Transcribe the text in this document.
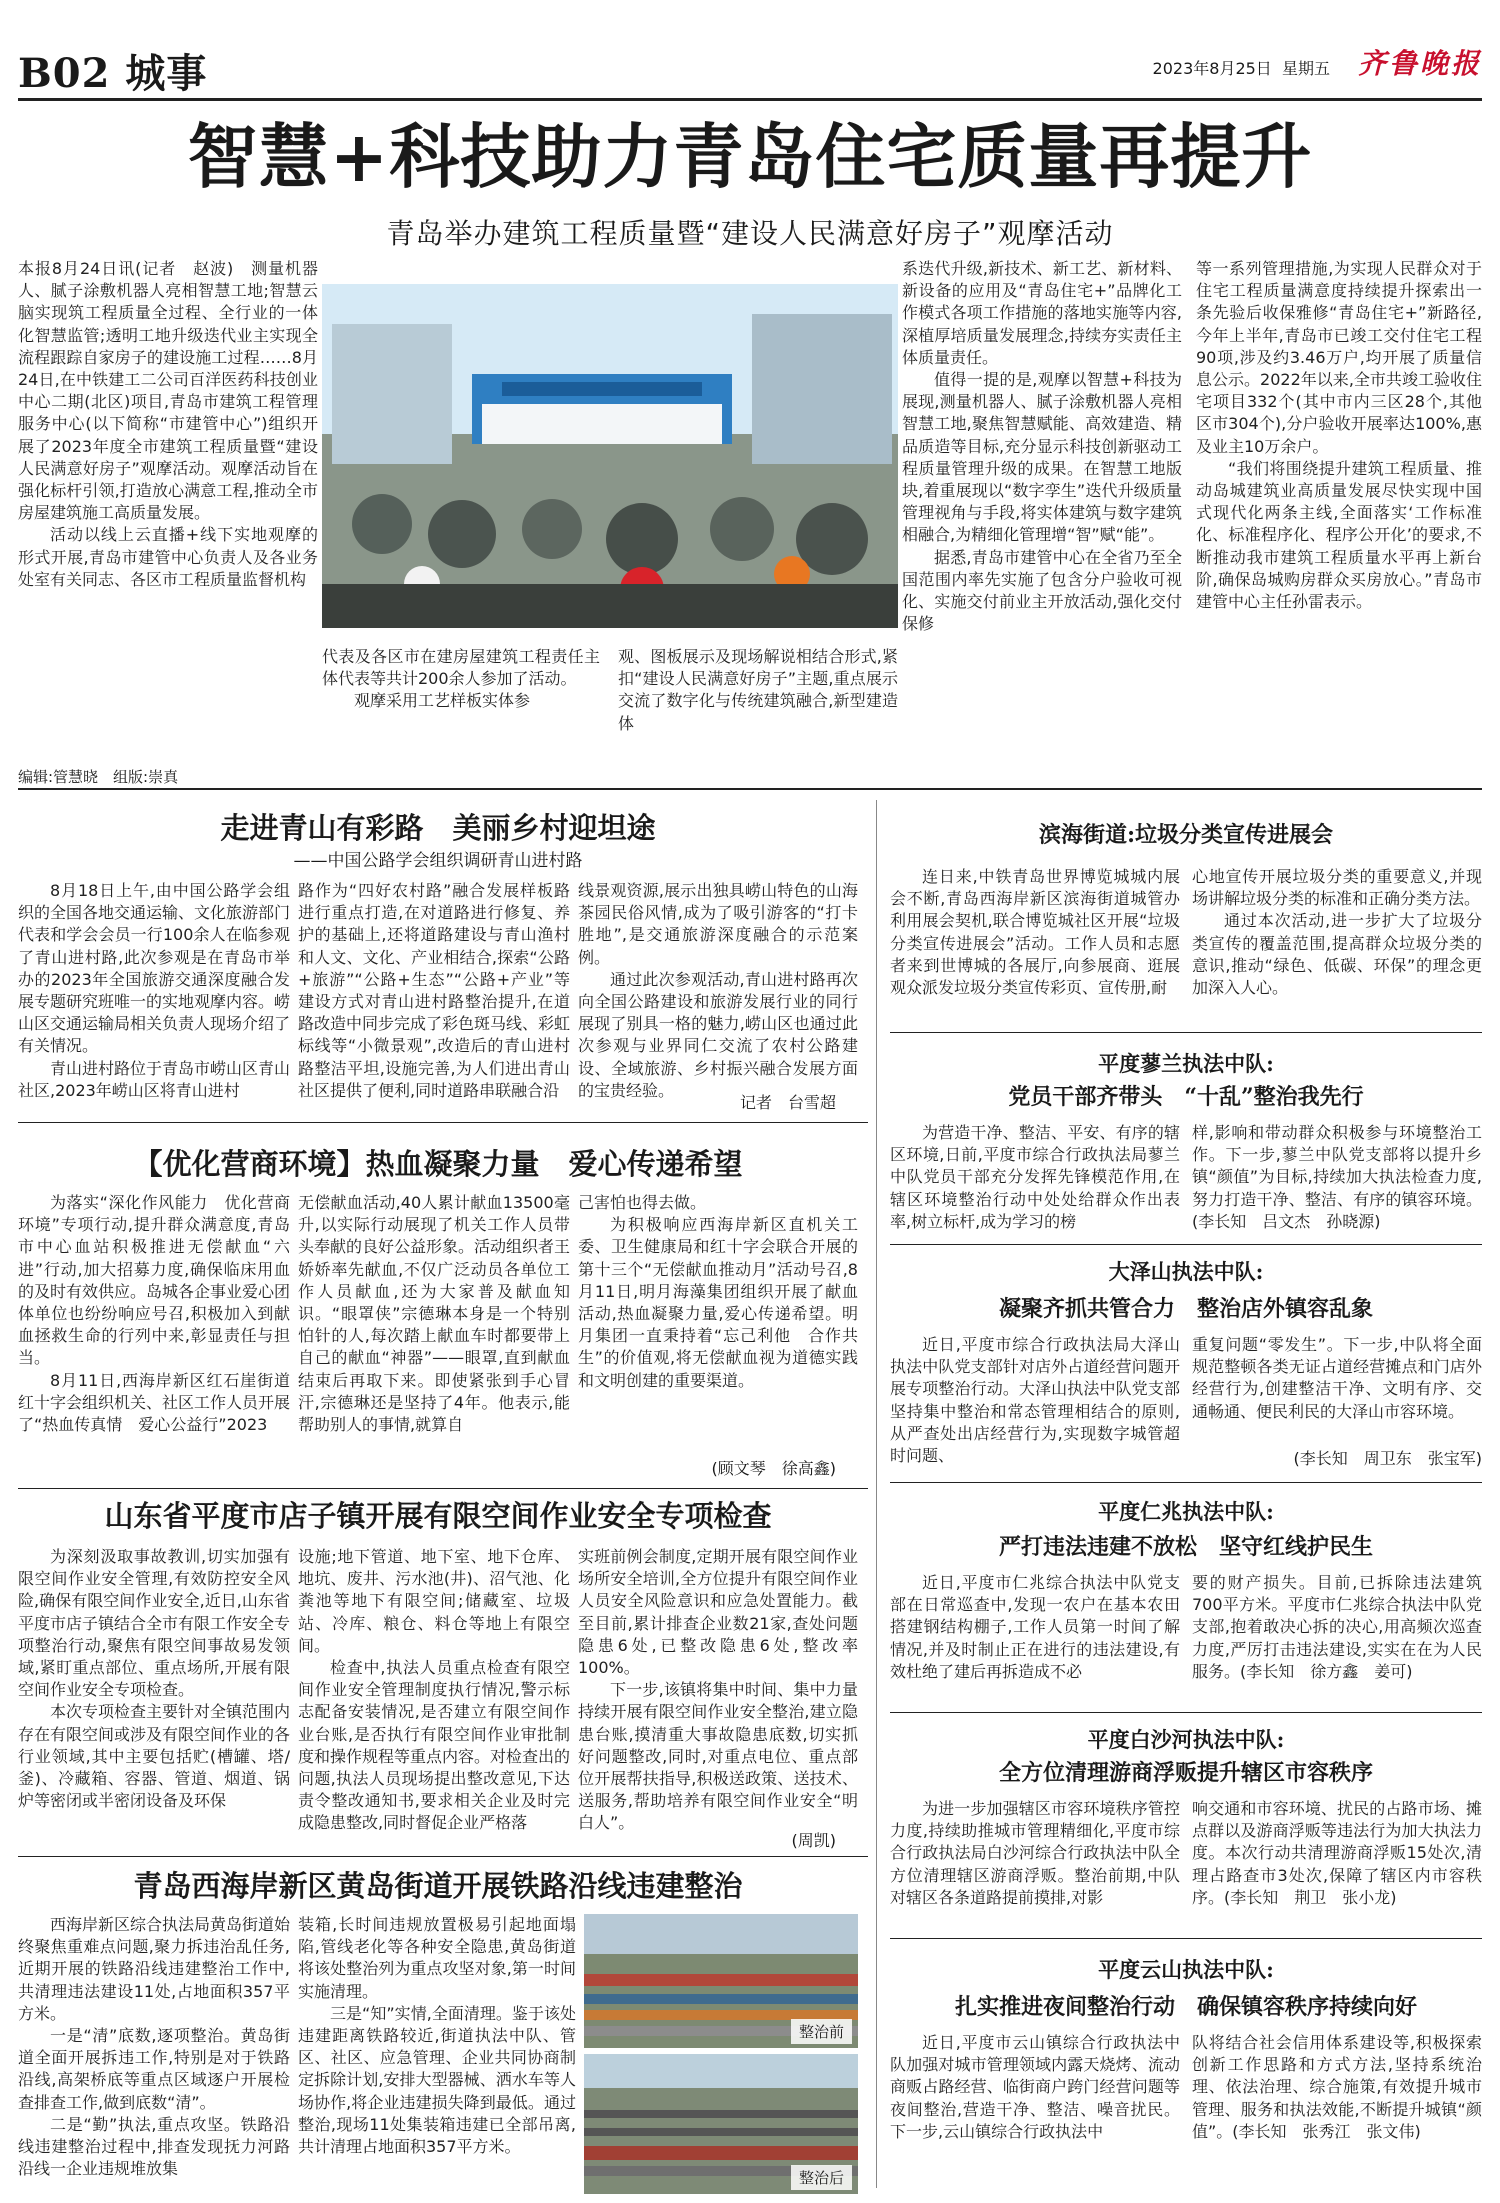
B02 城事	2023年8月25日 星期五 齐鲁晚报
智慧+科技助力青岛住宅质量再提升
青岛举办建筑工程质量暨“建设人民满意好房子”观摩活动

本报8月24日讯(记者　赵波)　测量机器人、腻子涂敷机器人亮相智慧工地;智慧云脑实现筑工程质量全过程、全行业的一体化智慧监管;透明工地升级迭代业主实现全流程跟踪自家房子的建设施工过程……8月24日,在中铁建工二公司百洋医药科技创业中心二期(北区)项目,青岛市建筑工程管理服务中心(以下简称“市建管中心”)组织开展了2023年度全市建筑工程质量暨“建设人民满意好房子”观摩活动。观摩活动旨在强化标杆引领,打造放心满意工程,推动全市房屋建筑施工高质量发展。

活动以线上云直播+线下实地观摩的形式开展,青岛市建管中心负责人及各业务处室有关同志、各区市工程质量监督机构

代表及各区市在建房屋建筑工程责任主体代表等共计200余人参加了活动。

观摩采用工艺样板实体参

观、图板展示及现场解说相结合形式,紧扣“建设人民满意好房子”主题,重点展示交流了数字化与传统建筑融合,新型建造体

系迭代升级,新技术、新工艺、新材料、新设备的应用及“青岛住宅+”品牌化工作模式各项工作措施的落地实施等内容,深植厚培质量发展理念,持续夯实责任主体质量责任。

值得一提的是,观摩以智慧+科技为展现,测量机器人、腻子涂敷机器人亮相智慧工地,聚焦智慧赋能、高效建造、精品质造等目标,充分显示科技创新驱动工程质量管理升级的成果。在智慧工地版块,着重展现以“数字孪生”迭代升级质量管理视角与手段,将实体建筑与数字建筑相融合,为精细化管理增“智”赋“能”。

据悉,青岛市建管中心在全省乃至全国范围内率先实施了包含分户验收可视化、实施交付前业主开放活动,强化交付保修

等一系列管理措施,为实现人民群众对于住宅工程质量满意度持续提升探索出一条先验后收保雅修“青岛住宅+”新路径,今年上半年,青岛市已竣工交付住宅工程90项,涉及约3.46万户,均开展了质量信息公示。2022年以来,全市共竣工验收住宅项目332个(其中市内三区28个,其他区市304个),分户验收开展率达100%,惠及业主10万余户。

“我们将围绕提升建筑工程质量、推动岛城建筑业高质量发展尽快实现中国式现代化两条主线,全面落实‘工作标准化、标准程序化、程序公开化’的要求,不断推动我市建筑工程质量水平再上新台阶,确保岛城购房群众买房放心。”青岛市建管中心主任孙雷表示。

编辑:管慧晓　组版:崇真
走进青山有彩路　美丽乡村迎坦途
——中国公路学会组织调研青山进村路

8月18日上午,由中国公路学会组织的全国各地交通运输、文化旅游部门代表和学会会员一行100余人在临参观了青山进村路,此次参观是在青岛市举办的2023年全国旅游交通深度融合发展专题研究班唯一的实地观摩内容。崂山区交通运输局相关负责人现场介绍了有关情况。

青山进村路位于青岛市崂山区青山社区,2023年崂山区将青山进村

路作为“四好农村路”融合发展样板路进行重点打造,在对道路进行修复、养护的基础上,还将道路建设与青山渔村和人文、文化、产业相结合,探索“公路+旅游”“公路+生态”“公路+产业”等建设方式对青山进村路整治提升,在道路改造中同步完成了彩色斑马线、彩虹标线等“小微景观”,改造后的青山进村路整洁平坦,设施完善,为人们进出青山社区提供了便利,同时道路串联融合沿

线景观资源,展示出独具崂山特色的山海茶园民俗风情,成为了吸引游客的“打卡胜地”,是交通旅游深度融合的示范案例。

通过此次参观活动,青山进村路再次向全国公路建设和旅游发展行业的同行展现了别具一格的魅力,崂山区也通过此次参观与业界同仁交流了农村公路建设、全域旅游、乡村振兴融合发展方面的宝贵经验。

记者　台雪超
【优化营商环境】热血凝聚力量　爱心传递希望

为落实“深化作风能力　优化营商环境”专项行动,提升群众满意度,青岛市中心血站积极推进无偿献血“六进”行动,加大招募力度,确保临床用血的及时有效供应。岛城各企事业爱心团体单位也纷纷响应号召,积极加入到献血拯救生命的行列中来,彰显责任与担当。

8月11日,西海岸新区红石崖街道红十字会组织机关、社区工作人员开展了“热血传真情　爱心公益行”2023

无偿献血活动,40人累计献血13500毫升,以实际行动展现了机关工作人员带头奉献的良好公益形象。活动组织者王娇娇率先献血,不仅广泛动员各单位工作人员献血,还为大家普及献血知识。“眼罩侠”宗德琳本身是一个特别怕针的人,每次踏上献血车时都要带上自己的献血“神器”——眼罩,直到献血结束后再取下来。即使紧张到手心冒汗,宗德琳还是坚持了4年。他表示,能帮助别人的事情,就算自

己害怕也得去做。

为积极响应西海岸新区直机关工委、卫生健康局和红十字会联合开展的第十三个“无偿献血推动月”活动号召,8月11日,明月海藻集团组织开展了献血活动,热血凝聚力量,爱心传递希望。明月集团一直秉持着“忘己利他　合作共生”的价值观,将无偿献血视为道德实践和文明创建的重要渠道。

(顾文琴　徐高鑫)
山东省平度市店子镇开展有限空间作业安全专项检查

为深刻汲取事故教训,切实加强有限空间作业安全管理,有效防控安全风险,确保有限空间作业安全,近日,山东省平度市店子镇结合全市有限工作安全专项整治行动,聚焦有限空间事故易发领域,紧盯重点部位、重点场所,开展有限空间作业安全专项检查。

本次专项检查主要针对全镇范围内存在有限空间或涉及有限空间作业的各行业领域,其中主要包括贮(槽罐、塔/釜)、冷藏箱、容器、管道、烟道、锅炉等密闭或半密闭设备及环保

设施;地下管道、地下室、地下仓库、地坑、废井、污水池(井)、沼气池、化粪池等地下有限空间;储藏室、垃圾站、冷库、粮仓、料仓等地上有限空间。

检查中,执法人员重点检查有限空间作业安全管理制度执行情况,警示标志配备安装情况,是否建立有限空间作业台账,是否执行有限空间作业审批制度和操作规程等重点内容。对检查出的问题,执法人员现场提出整改意见,下达责令整改通知书,要求相关企业及时完成隐患整改,同时督促企业严格落

实班前例会制度,定期开展有限空间作业场所安全培训,全方位提升有限空间作业人员安全风险意识和应急处置能力。截至目前,累计排查企业数21家,查处问题隐患6处,已整改隐患6处,整改率100%。

下一步,该镇将集中时间、集中力量持续开展有限空间作业安全整治,建立隐患台账,摸清重大事故隐患底数,切实抓好问题整改,同时,对重点电位、重点部位开展帮扶指导,积极送政策、送技术、送服务,帮助培养有限空间作业安全“明白人”。

(周凯)
青岛西海岸新区黄岛街道开展铁路沿线违建整治

西海岸新区综合执法局黄岛街道始终聚焦重难点问题,聚力拆违治乱任务,近期开展的铁路沿线违建整治工作中,共清理违法建设11处,占地面积357平方米。

一是“清”底数,逐项整治。黄岛街道全面开展拆违工作,特别是对于铁路沿线,高架桥底等重点区域逐户开展检查排查工作,做到底数“清”。

二是“勤”执法,重点攻坚。铁路沿线违建整治过程中,排查发现抚力河路沿线一企业违规堆放集

装箱,长时间违规放置极易引起地面塌陷,管线老化等各种安全隐患,黄岛街道将该处整治列为重点攻坚对象,第一时间实施清理。

三是“知”实情,全面清理。鉴于该处违建距离铁路较近,街道执法中队、管区、社区、应急管理、企业共同协商制定拆除计划,安排大型器械、洒水车等人场协作,将企业违建损失降到最低。通过整治,现场11处集装箱违建已全部吊离,共计清理占地面积357平方米。

整治前
整治后
滨海街道:垃圾分类宣传进展会

连日来,中铁青岛世界博览城城内展会不断,青岛西海岸新区滨海街道城管办利用展会契机,联合博览城社区开展“垃圾分类宣传进展会”活动。工作人员和志愿者来到世博城的各展厅,向参展商、逛展观众派发垃圾分类宣传彩页、宣传册,耐

心地宣传开展垃圾分类的重要意义,并现场讲解垃圾分类的标准和正确分类方法。

通过本次活动,进一步扩大了垃圾分类宣传的覆盖范围,提高群众垃圾分类的意识,推动“绿色、低碳、环保”的理念更加深入人心。

平度蓼兰执法中队:
党员干部齐带头　“十乱”整治我先行

为营造干净、整洁、平安、有序的辖区环境,日前,平度市综合行政执法局蓼兰中队党员干部充分发挥先锋模范作用,在辖区环境整治行动中处处给群众作出表率,树立标杆,成为学习的榜

样,影响和带动群众积极参与环境整治工作。下一步,蓼兰中队党支部将以提升乡镇“颜值”为目标,持续加大执法检查力度,努力打造干净、整洁、有序的镇容环境。(李长知　吕文杰　孙晓源)

大泽山执法中队:
凝聚齐抓共管合力　整治店外镇容乱象

近日,平度市综合行政执法局大泽山执法中队党支部针对店外占道经营问题开展专项整治行动。大泽山执法中队党支部坚持集中整治和常态管理相结合的原则,从严查处出店经营行为,实现数字城管超时问题、

重复问题“零发生”。下一步,中队将全面规范整顿各类无证占道经营摊点和门店外经营行为,创建整洁干净、文明有序、交通畅通、便民利民的大泽山市容环境。

(李长知　周卫东　张宝军)
平度仁兆执法中队:
严打违法违建不放松　坚守红线护民生

近日,平度市仁兆综合执法中队党支部在日常巡查中,发现一农户在基本农田搭建钢结构棚子,工作人员第一时间了解情况,并及时制止正在进行的违法建设,有效杜绝了建后再拆造成不必

要的财产损失。目前,已拆除违法建筑700平方米。平度市仁兆综合执法中队党支部,抱着敢决心拆的决心,用高频次巡查力度,严厉打击违法建设,实实在在为人民服务。(李长知　徐方鑫　姜可)

平度白沙河执法中队:
全方位清理游商浮贩提升辖区市容秩序

为进一步加强辖区市容环境秩序管控力度,持续助推城市管理精细化,平度市综合行政执法局白沙河综合行政执法中队全方位清理辖区游商浮贩。整治前期,中队对辖区各条道路提前摸排,对影

响交通和市容环境、扰民的占路市场、摊点群以及游商浮贩等违法行为加大执法力度。本次行动共清理游商浮贩15处次,清理占路查市3处次,保障了辖区内市容秩序。(李长知　荆卫　张小龙)

平度云山执法中队:
扎实推进夜间整治行动　确保镇容秩序持续向好

近日,平度市云山镇综合行政执法中队加强对城市管理领域内露天烧烤、流动商贩占路经营、临街商户跨门经营问题等夜间整治,营造干净、整洁、噪音扰民。下一步,云山镇综合行政执法中

队将结合社会信用体系建设等,积极探索创新工作思路和方式方法,坚持系统治理、依法治理、综合施策,有效提升城市管理、服务和执法效能,不断提升城镇“颜值”。(李长知　张秀江　张文伟)
